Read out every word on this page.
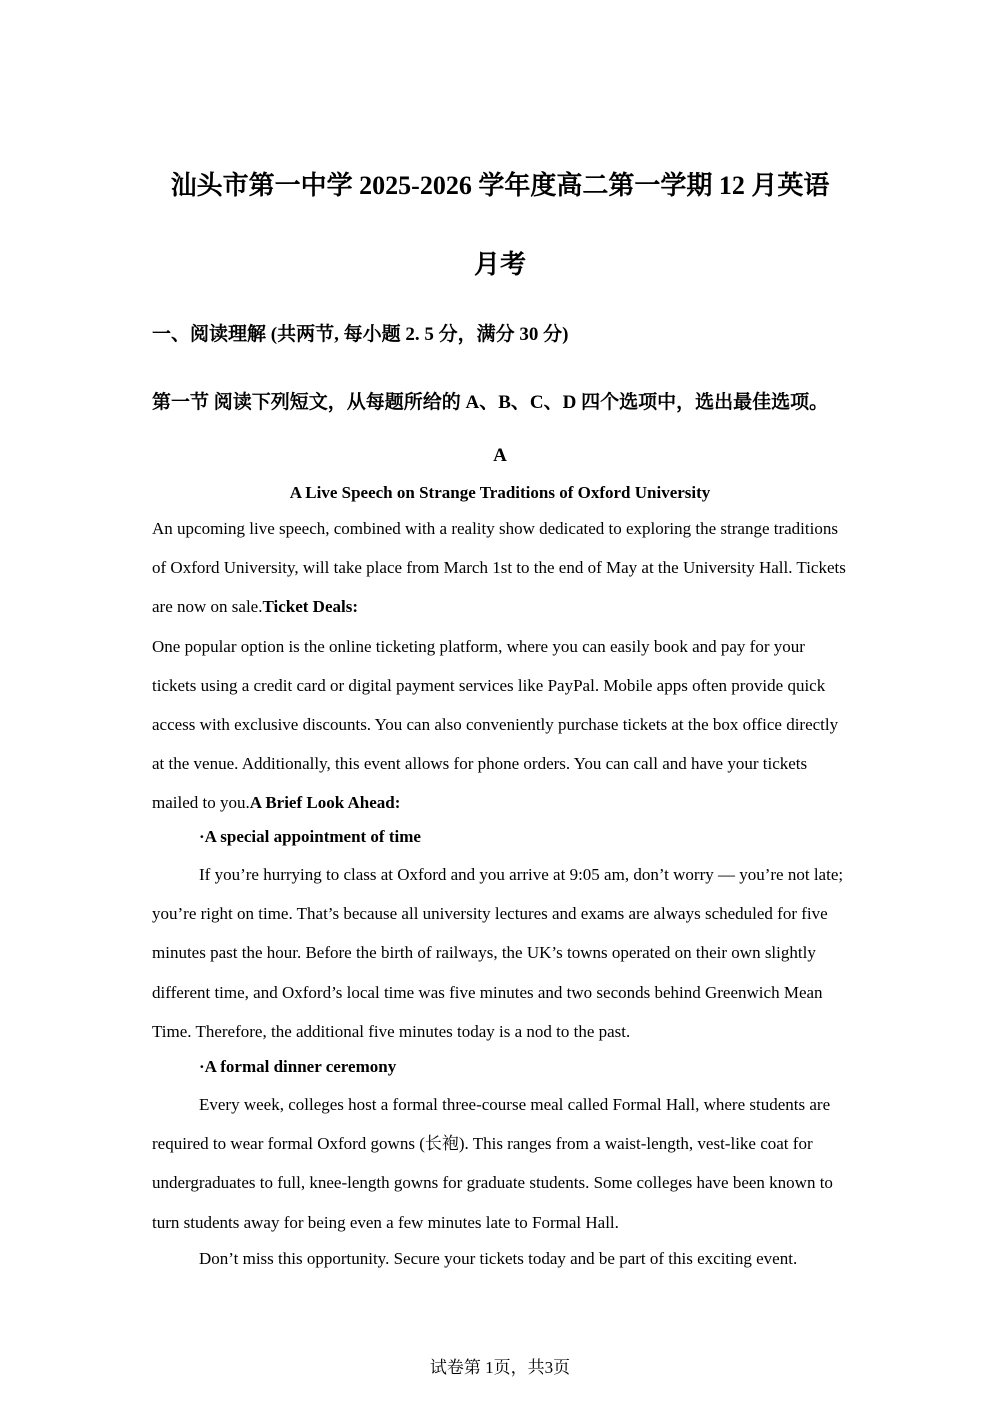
汕头市第一中学 2025-2026 学年度高二第一学期 12 月英语
月考
一、阅读理解 (共两节, 每小题 2. 5 分，满分 30 分)
第一节 阅读下列短文，从每题所给的 A、B、C、D 四个选项中，选出最佳选项。
A
A Live Speech on Strange Traditions of Oxford University

An upcoming live speech, combined with a reality show dedicated to exploring the strange traditions of Oxford University, will take place from March 1st to the end of May at the University Hall. Tickets are now on sale.Ticket Deals:

One popular option is the online ticketing platform, where you can easily book and pay for your tickets using a credit card or digital payment services like PayPal. Mobile apps often provide quick access with exclusive discounts. You can also conveniently purchase tickets at the box office directly at the venue. Additionally, this event allows for phone orders. You can call and have your tickets mailed to you.A Brief Look Ahead:

·A special appointment of time

If you’re hurrying to class at Oxford and you arrive at 9:05 am, don’t worry — you’re not late; you’re right on time. That’s because all university lectures and exams are always scheduled for five minutes past the hour. Before the birth of railways, the UK’s towns operated on their own slightly different time, and Oxford’s local time was five minutes and two seconds behind Greenwich Mean Time. Therefore, the additional five minutes today is a nod to the past.

·A formal dinner ceremony

Every week, colleges host a formal three-course meal called Formal Hall, where students are required to wear formal Oxford gowns (长袍). This ranges from a waist-length, vest-like coat for undergraduates to full, knee-length gowns for graduate students. Some colleges have been known to turn students away for being even a few minutes late to Formal Hall.

Don’t miss this opportunity. Secure your tickets today and be part of this exciting event.

试卷第 1页，共3页
